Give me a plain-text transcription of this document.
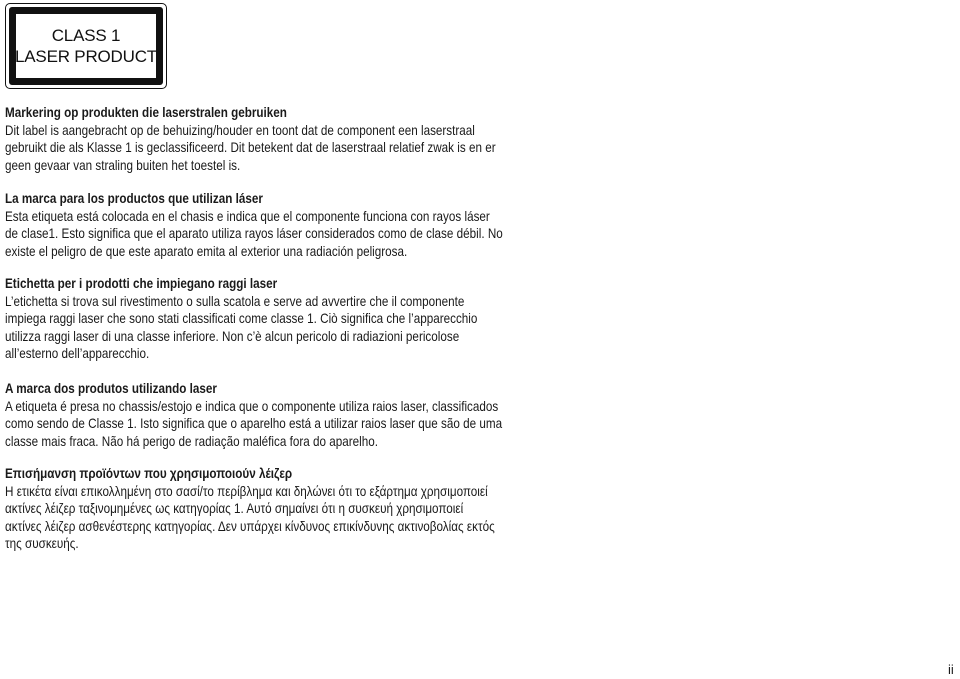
CLASS 1
LASER PRODUCT
Markering op produkten die laserstralen gebruiken
Dit label is aangebracht op de behuizing/houder en toont dat de component een laserstraal
gebruikt die als Klasse 1 is geclassificeerd. Dit betekent dat de laserstraal relatief zwak is en er
geen gevaar van straling buiten het toestel is.
La marca para los productos que utilizan láser
Esta etiqueta está colocada en el chasis e indica que el componente funciona con rayos láser
de clase1. Esto significa que el aparato utiliza rayos láser considerados como de clase débil. No
existe el peligro de que este aparato emita al exterior una radiación peligrosa.
Etichetta per i prodotti che impiegano raggi laser
L’etichetta si trova sul rivestimento o sulla scatola e serve ad avvertire che il componente
impiega raggi laser che sono stati classificati come classe 1. Ciò significa che l’apparecchio
utilizza raggi laser di una classe inferiore. Non c’è alcun pericolo di radiazioni pericolose
all’esterno dell’apparecchio.
A marca dos produtos utilizando laser
A etiqueta é presa no chassis/estojo e indica que o componente utiliza raios laser, classificados
como sendo de Classe 1. Isto significa que o aparelho está a utilizar raios laser que são de uma
classe mais fraca. Não há perigo de radiação maléfica fora do aparelho.
Επισήμανση προϊόντων που χρησιμοποιούν λέιζερ
Η ετικέτα είναι επικολλημένη στο σασί/το περίβλημα και δηλώνει ότι το εξάρτημα χρησιμοποιεί
ακτίνες λέιζερ ταξινομημένες ως κατηγορίας 1. Αυτό σημαίνει ότι η συσκευή χρησιμοποιεί
ακτίνες λέιζερ ασθενέστερης κατηγορίας. Δεν υπάρχει κίνδυνος επικίνδυνης ακτινοβολίας εκτός
της συσκευής.
ii
